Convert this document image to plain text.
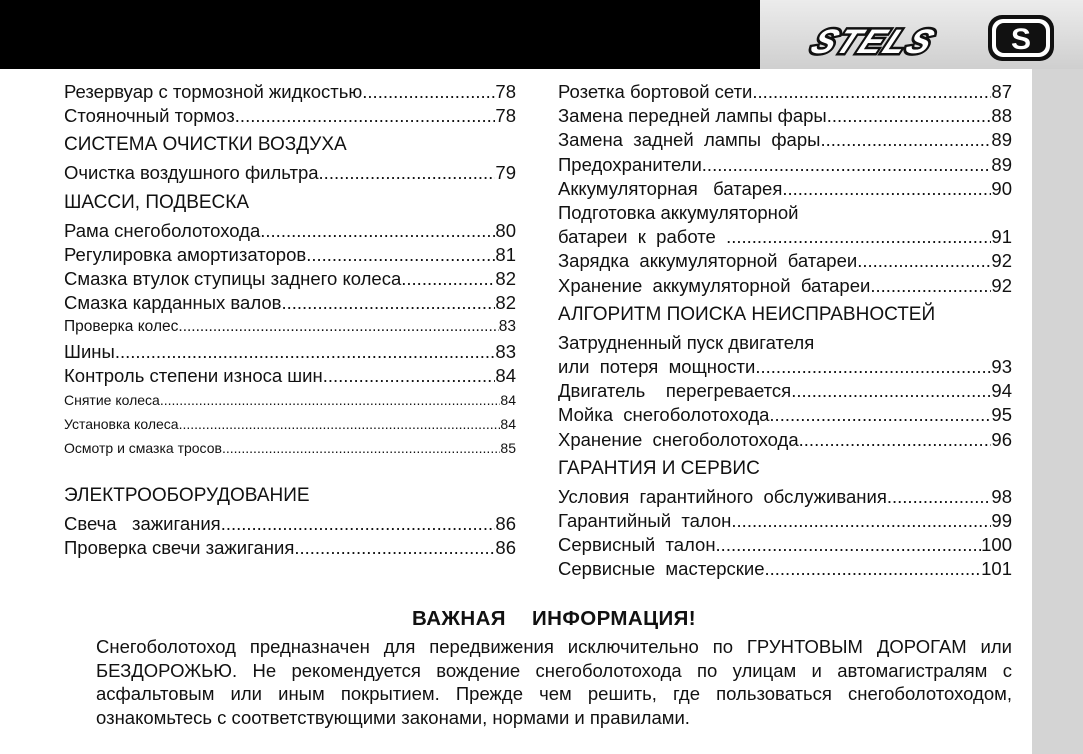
STELS S
Резервуар с тормозной жидкостью .....	78
Стояночный тормоз .....	78
СИСТЕМА ОЧИСТКИ ВОЗДУХА
Очистка воздушного фильтра .....	79
ШАССИ, ПОДВЕСКА
Рама снегоболотохода .....	80
Регулировка амортизаторов .....	81
Смазка втулок ступицы заднего колеса .....	82
Смазка карданных валов .....	82
Проверка колес .....	83
Шины .....	83
Контроль степени износа шин .....	84
Снятие колеса .....	84
Установка колеса .....	84
Осмотр и смазка тросов .....	85
ЭЛЕКТРООБОРУДОВАНИЕ
Свеча   зажигания .....	86
Проверка свечи зажигания .....	86
Розетка бортовой сети .....	87
Замена передней лампы фары .....	88
Замена  задней  лампы  фары .....	89
Предохранители .....	89
Аккумуляторная   батарея .....	90
Подготовка аккумуляторной
батареи  к  работе .....	91
Зарядка  аккумуляторной  батареи .....	92
Хранение  аккумуляторной  батареи .....	92
АЛГОРИТМ ПОИСКА НЕИСПРАВНОСТЕЙ
Затрудненный пуск двигателя
или  потеря  мощности .....	93
Двигатель    перегревается .....	94
Мойка  снегоболотохода .....	95
Хранение  снегоболотохода .....	96
ГАРАНТИЯ И СЕРВИС
Условия  гарантийного  обслуживания .....	98
Гарантийный  талон .....	99
Сервисный  талон .....	100
Сервисные  мастерские .....	101
ВАЖНАЯ ИНФОРМАЦИЯ!

Снегоболотоход предназначен для передвижения исключительно по ГРУНТОВЫМ ДОРОГАМ или БЕЗДОРОЖЬЮ. Не рекомендуется вождение снегоболотохода по улицам и автомагистралям с асфальтовым или иным покрытием. Прежде чем решить, где пользоваться снегоболотоходом, ознакомьтесь с соответствующими законами, нормами и правилами.
